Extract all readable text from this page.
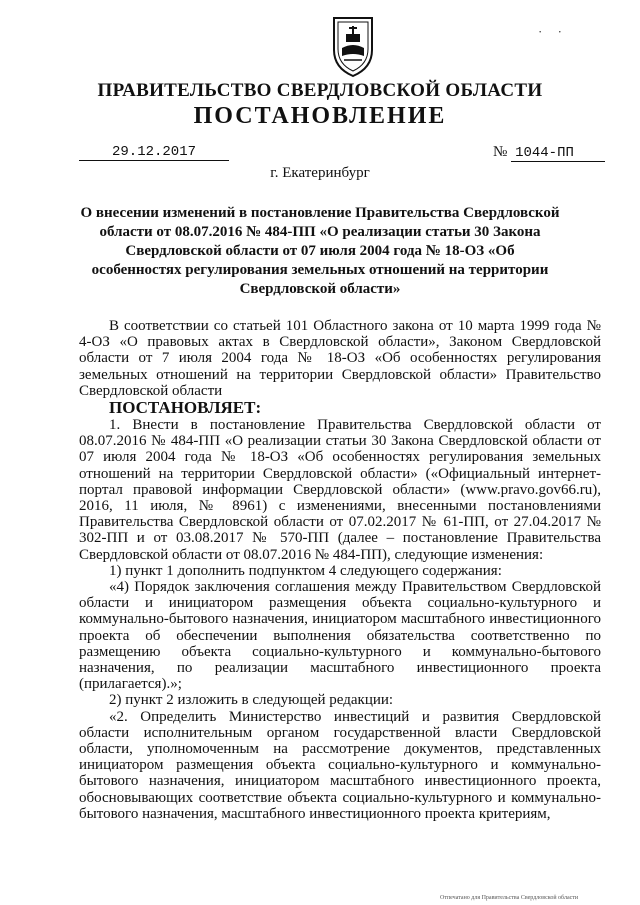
· ·
ПРАВИТЕЛЬСТВО СВЕРДЛОВСКОЙ ОБЛАСТИ
ПОСТАНОВЛЕНИЕ
29.12.2017	№ 1044-ПП
г. Екатеринбург
О внесении изменений в постановление Правительства Свердловской области от 08.07.2016 № 484-ПП «О реализации статьи 30 Закона Свердловской области от 07 июля 2004 года № 18-ОЗ «Об особенностях регулирования земельных отношений на территории Свердловской области»

В соответствии со статьей 101 Областного закона от 10 марта 1999 года № 4-ОЗ «О правовых актах в Свердловской области», Законом Свердловской области от 7 июля 2004 года № 18-ОЗ «Об особенностях регулирования земельных отношений на территории Свердловской области» Правительство Свердловской области

ПОСТАНОВЛЯЕТ:

1. Внести в постановление Правительства Свердловской области от 08.07.2016 № 484-ПП «О реализации статьи 30 Закона Свердловской области от 07 июля 2004 года № 18-ОЗ «Об особенностях регулирования земельных отношений на территории Свердловской области» («Официальный интернет-портал правовой информации Свердловской области» (www.pravo.gov66.ru), 2016, 11 июля, № 8961) с изменениями, внесенными постановлениями Правительства Свердловской области от 07.02.2017 № 61-ПП, от 27.04.2017 № 302-ПП и от 03.08.2017 № 570-ПП (далее – постановление Правительства Свердловской области от 08.07.2016 № 484-ПП), следующие изменения:

1) пункт 1 дополнить подпунктом 4 следующего содержания:

«4) Порядок заключения соглашения между Правительством Свердловской области и инициатором размещения объекта социально-культурного и коммунально-бытового назначения, инициатором масштабного инвестиционного проекта об обеспечении выполнения обязательства соответственно по размещению объекта социально-культурного и коммунально-бытового назначения, по реализации масштабного инвестиционного проекта (прилагается).»;

2) пункт 2 изложить в следующей редакции:

«2. Определить Министерство инвестиций и развития Свердловской области исполнительным органом государственной власти Свердловской области, уполномоченным на рассмотрение документов, представленных инициатором размещения объекта социально-культурного и коммунально-бытового назначения, инициатором масштабного инвестиционного проекта, обосновывающих соответствие объекта социально-культурного и коммунально-бытового назначения, масштабного инвестиционного проекта критериям,

Отпечатано для Правительства Свердловской области
